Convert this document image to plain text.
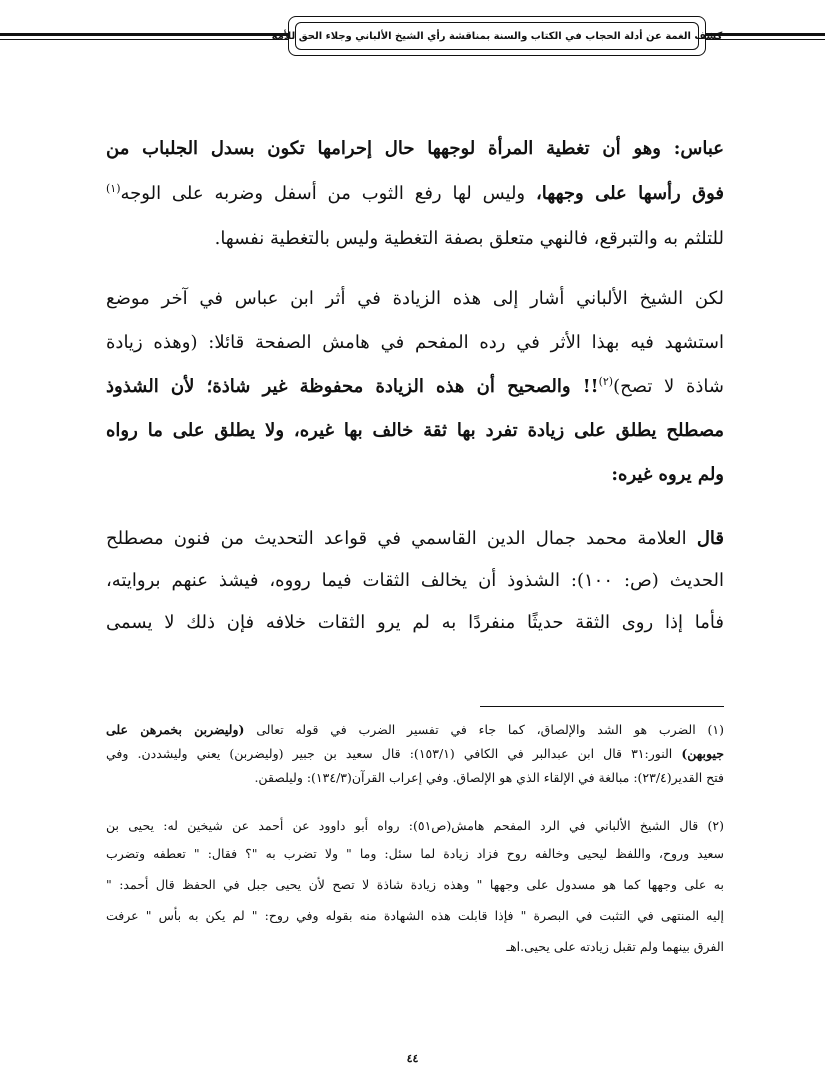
كشف الغمة عن أدلة الحجاب في الكتاب والسنة بمناقشة رأي الشيخ الألباني وجلاء الحق للأمة
عباس: وهو أن تغطية المرأة لوجهها حال إحرامها تكون بسدل الجلباب من
فوق رأسها على وجهها، وليس لها رفع الثوب من أسفل وضربه على الوجه$^{(١)}$
للتلثم به والتبرقع، فالنهي متعلق بصفة التغطية وليس بالتغطية نفسها.
لكن الشيخ الألباني أشار إلى هذه الزيادة في أثر ابن عباس في آخر موضع
استشهد فيه بهذا الأثر في رده المفحم في هامش الصفحة قائلا: (وهذه زيادة
شاذة لا تصح)$^{(٢)}$!! والصحيح أن هذه الزيادة محفوظة غير شاذة؛ لأن الشذوذ
مصطلح يطلق على زيادة تفرد بها ثقة خالف بها غيره، ولا يطلق على ما رواه
ولم يروه غيره:
قال العلامة محمد جمال الدين القاسمي في قواعد التحديث من فنون مصطلح
الحديث (ص: ١٠٠): الشذوذ أن يخالف الثقات فيما رووه، فيشذ عنهم بروايته،
فأما إذا روى الثقة حديثًا منفردًا به لم يرو الثقات خلافه فإن ذلك لا يسمى
(١) الضرب هو الشد والإلصاق، كما جاء في تفسير الضرب في قوله تعالى (وليضربن بخمرهن على
جيوبهن) النور:٣١ قال ابن عبدالبر في الكافي (١٥٣/١): قال سعيد بن جبير (وليضربن) يعني وليشددن. وفي
فتح القدير(٢٣/٤): مبالغة في الإلقاء الذي هو الإلصاق. وفي إعراب القرآن(١٣٤/٣): وليلصقن.
(٢) قال الشيخ الألباني في الرد المفحم هامش(ص٥١): رواه أبو داوود عن أحمد عن شيخين له: يحيى بن
سعيد وروح، واللفظ ليحيى وخالفه روح فزاد زيادة لما سئل: وما " ولا تضرب به "؟ فقال: " تعطفه وتضرب
به على وجهها كما هو مسدول على وجهها " وهذه زيادة شاذة لا تصح لأن يحيى جبل في الحفظ قال أحمد: "
إليه المنتهى في التثبت في البصرة " فإذا قابلت هذه الشهادة منه بقوله وفي روح: " لم يكن به بأس " عرفت
الفرق بينهما ولم تقبل زيادته على يحيى.اهـ
٤٤
